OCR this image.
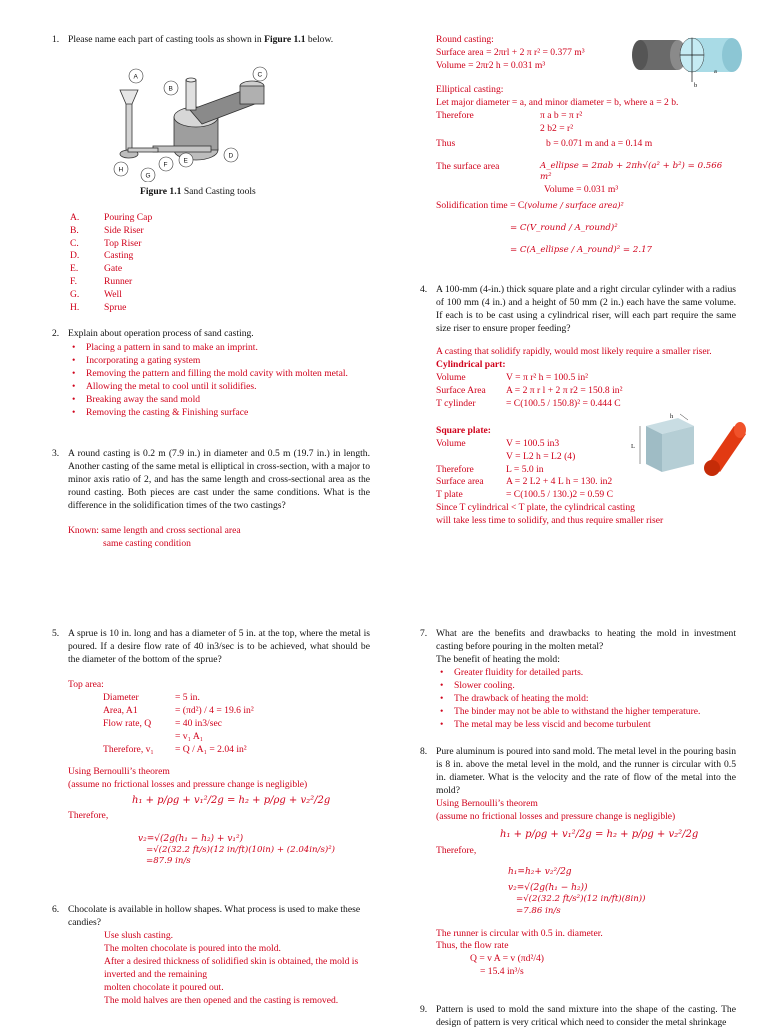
1. Please name each part of casting tools as shown in Figure 1.1 below.
A
B
C
D
E
F
G
H
Figure 1.1 Sand Casting tools
A.	Pouring Cap
B.	Side Riser
C.	Top Riser
D.	Casting
E.	Gate
F.	Runner
G.	Well
H.	Sprue
2. Explain about operation process of sand casting.
• Placing a pattern in sand to make an imprint.
• Incorporating a gating system
• Removing the pattern and filling the mold cavity with molten metal.
• Allowing the metal to cool until it solidifies.
• Breaking away the sand mold
• Removing the casting & Finishing surface
3. A round casting is 0.2 m (7.9 in.) in diameter and 0.5 m (19.7 in.) in length. Another casting of the same metal is elliptical in cross-section, with a major to minor axis ratio of 2, and has the same length and cross-sectional area as the round casting. Both pieces are cast under the same conditions. What is the difference in the solidification times of the two castings?
Known: same length and cross sectional area
same casting condition
5. A sprue is 10 in. long and has a diameter of 5 in. at the top, where the metal is poured. If a desire flow rate of 40 in3/sec is to be achieved, what should be the diameter of the bottom of the sprue?
Top area:
Diameter	= 5 in.
Area, A1	= (πd²) / 4 = 19.6 in²
Flow rate, Q	= 40 in3/sec
= v₁ A₁
Therefore, v₁	= Q / A₁ = 2.04 in²
Using Bernoulli’s theorem
(assume no frictional losses and pressure change is negligible)
h₁ + p/ρg + v₁²/2g = h₂ + p/ρg + v₂²/2g
Therefore,
v₂=√(2g(h₁ − h₂) + v₁²)
=√(2(32.2 ft/s)(12 in/ft)(10in) + (2.04in/s)²)
=87.9 in/s
6. Chocolate is available in hollow shapes. What process is used to make these candies?
Use slush casting.
The molten chocolate is poured into the mold.
After a desired thickness of solidified skin is obtained, the mold is inverted and the remaining
molten chocolate it poured out.
The mold halves are then opened and the casting is removed.
Round casting:
Surface area = 2πrl + 2 π r² = 0.377 m³
Volume = 2πr2 h = 0.031 m³
a
b
Elliptical casting:
Let major diameter = a, and minor diameter = b, where a = 2 b.
Therefore	π a b = π r²
2 b2 = r²
Thus	b = 0.071 m and a = 0.14 m
The surface area	A_ellipse = 2πab + 2πh√(a² + b²) = 0.566 m²
Volume = 0.031 m³
Solidification time = C(volume / surface area)²
= C(V_round / A_round)²
= C(A_ellipse / A_round)² = 2.17
4. A 100-mm (4-in.) thick square plate and a right circular cylinder with a radius of 100 mm (4 in.) and a height of 50 mm (2 in.) each have the same volume. If each is to be cast using a cylindrical riser, will each part require the same size riser to ensure proper feeding?
A casting that solidify rapidly, would most likely require a smaller riser.
Cylindrical part:
Volume	V = π r² h = 100.5 in²
Surface Area	A = 2 π r l + 2 π r2 = 150.8 in²
T cylinder	= C(100.5 / 150.8)² = 0.444 C
Square plate:
Volume	V = 100.5 in3
V = L2 h = L2 (4)
Therefore	L = 5.0 in
Surface area	A = 2 L2 + 4 L h = 130. in2
T plate	= C(100.5 / 130.)2 = 0.59 C
Since T cylindrical < T plate, the cylindrical casting
will take less time to solidify, and thus require smaller riser
h
L
7. What are the benefits and drawbacks to heating the mold in investment casting before pouring in the molten metal?
The benefit of heating the mold:
• Greater fluidity for detailed parts.
• Slower cooling.
• The drawback of heating the mold:
• The binder may not be able to withstand the higher temperature.
• The metal may be less viscid and become turbulent
8. Pure aluminum is poured into sand mold. The metal level in the pouring basin is 8 in. above the metal level in the mold, and the runner is circular with 0.5 in. diameter. What is the velocity and the rate of flow of the metal into the mold?
Using Bernoulli’s theorem
(assume no frictional losses and pressure change is negligible)
h₁ + p/ρg + v₁²/2g = h₂ + p/ρg + v₂²/2g
Therefore,
h₁=h₂+ v₂²/2g
v₂=√(2g(h₁ − h₂))
=√(2(32.2 ft/s²)(12 in/ft)(8in))
=7.86 in/s
The runner is circular with 0.5 in. diameter.
Thus, the flow rate
Q = v A = v (πd²/4)
= 15.4 in³/s
9. Pattern is used to mold the sand mixture into the shape of the casting. The design of pattern is very critical which need to consider the metal shrinkage
